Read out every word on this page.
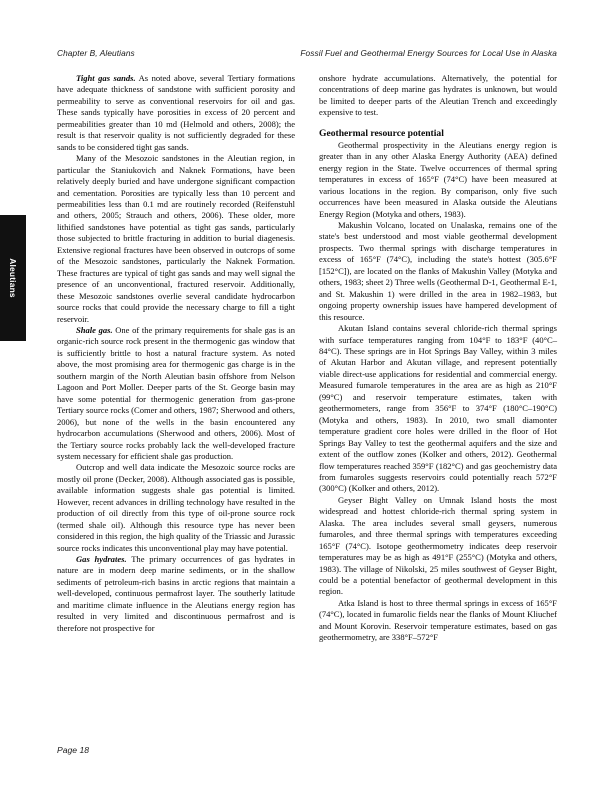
Chapter B, Aleutians	Fossil Fuel and Geothermal Energy Sources for Local Use in Alaska
Aleutians

Tight gas sands. As noted above, several Tertiary formations have adequate thickness of sandstone with sufficient porosity and permeability to serve as conventional reservoirs for oil and gas. These sands typically have porosities in excess of 20 percent and permeabilities greater than 10 md (Helmold and others, 2008); the result is that reservoir quality is not sufficiently degraded for these sands to be considered tight gas sands.

Many of the Mesozoic sandstones in the Aleutian region, in particular the Staniukovich and Naknek Formations, have been relatively deeply buried and have undergone significant compaction and cementation. Porosities are typically less than 10 percent and permeabilities less than 0.1 md are routinely recorded (Reifenstuhl and others, 2005; Strauch and others, 2006). These older, more lithified sandstones have potential as tight gas sands, particularly those subjected to brittle fracturing in addition to burial diagenesis. Extensive regional fractures have been observed in outcrops of some of the Mesozoic sandstones, particularly the Naknek Formation. These fractures are typical of tight gas sands and may well signal the presence of an unconventional, fractured reservoir. Additionally, these Mesozoic sandstones overlie several candidate hydrocarbon source rocks that could provide the necessary charge to fill a tight reservoir.

Shale gas. One of the primary requirements for shale gas is an organic-rich source rock present in the thermogenic gas window that is sufficiently brittle to host a natural fracture system. As noted above, the most promising area for thermogenic gas charge is in the southern margin of the North Aleutian basin offshore from Nelson Lagoon and Port Moller. Deeper parts of the St. George basin may have some potential for thermogenic generation from gas-prone Tertiary source rocks (Comer and others, 1987; Sherwood and others, 2006), but none of the wells in the basin encountered any hydrocarbon accumulations (Sherwood and others, 2006). Most of the Tertiary source rocks probably lack the well-developed fracture system necessary for efficient shale gas production.

Outcrop and well data indicate the Mesozoic source rocks are mostly oil prone (Decker, 2008). Although associated gas is possible, available information suggests shale gas potential is limited. However, recent advances in drilling technology have resulted in the production of oil directly from this type of oil-prone source rock (termed shale oil). Although this resource type has never been considered in this region, the high quality of the Triassic and Jurassic source rocks indicates this unconventional play may have potential.

Gas hydrates. The primary occurrences of gas hydrates in nature are in modern deep marine sediments, or in the shallow sediments of petroleum-rich basins in arctic regions that maintain a well-developed, continuous permafrost layer. The southerly latitude and maritime climate influence in the Aleutians energy region has resulted in very limited and discontinuous permafrost and is therefore not prospective for

onshore hydrate accumulations. Alternatively, the potential for concentrations of deep marine gas hydrates is unknown, but would be limited to deeper parts of the Aleutian Trench and exceedingly expensive to test.

Geothermal resource potential

Geothermal prospectivity in the Aleutians energy region is greater than in any other Alaska Energy Authority (AEA) defined energy region in the State. Twelve occurrences of thermal spring temperatures in excess of 165°F (74°C) have been measured at various locations in the region. By comparison, only five such occurrences have been measured in Alaska outside the Aleutians Energy Region (Motyka and others, 1983).

Makushin Volcano, located on Unalaska, remains one of the state's best understood and most viable geothermal development prospects. Two thermal springs with discharge temperatures in excess of 165°F (74°C), including the state's hottest (305.6°F [152°C]), are located on the flanks of Makushin Valley (Motyka and others, 1983; sheet 2) Three wells (Geothermal D-1, Geothermal E-1, and St. Makushin 1) were drilled in the area in 1982–1983, but ongoing property ownership issues have hampered development of this resource.

Akutan Island contains several chloride-rich thermal springs with surface temperatures ranging from 104°F to 183°F (40°C–84°C). These springs are in Hot Springs Bay Valley, within 3 miles of Akutan Harbor and Akutan village, and represent potentially viable direct-use applications for residential and commercial energy. Measured fumarole temperatures in the area are as high as 210°F (99°C) and reservoir temperature estimates, taken with geothermometers, range from 356°F to 374°F (180°C–190°C) (Motyka and others, 1983). In 2010, two small diamonter temperature gradient core holes were drilled in the floor of Hot Springs Bay Valley to test the geothermal aquifers and the size and extent of the outflow zones (Kolker and others, 2012). Geothermal flow temperatures reached 359°F (182°C) and gas geochemistry data from fumaroles suggests reservoirs could potentially reach 572°F (300°C) (Kolker and others, 2012).

Geyser Bight Valley on Umnak Island hosts the most widespread and hottest chloride-rich thermal spring system in Alaska. The area includes several small geysers, numerous fumaroles, and three thermal springs with temperatures exceeding 165°F (74°C). Isotope geothermometry indicates deep reservoir temperatures may be as high as 491°F (255°C) (Motyka and others, 1983). The village of Nikolski, 25 miles southwest of Geyser Bight, could be a potential benefactor of geothermal development in this region.

Atka Island is host to three thermal springs in excess of 165°F (74°C), located in fumarolic fields near the flanks of Mount Kliuchef and Mount Korovin. Reservoir temperature estimates, based on gas geothermometry, are 338°F–572°F

Page 18
